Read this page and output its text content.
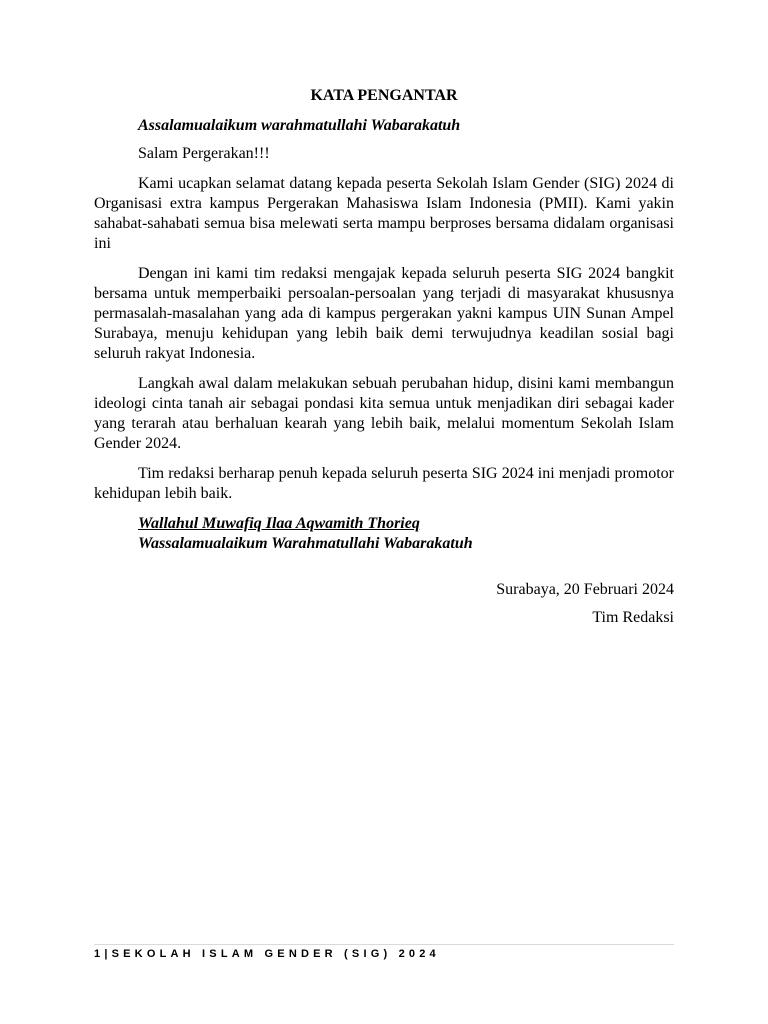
KATA PENGANTAR

Assalamualaikum warahmatullahi Wabarakatuh

Salam Pergerakan!!!

Kami ucapkan selamat datang kepada peserta Sekolah Islam Gender (SIG) 2024 di Organisasi extra kampus Pergerakan Mahasiswa Islam Indonesia (PMII). Kami yakin sahabat-sahabati semua bisa melewati serta mampu berproses bersama didalam organisasi ini

Dengan ini kami tim redaksi mengajak kepada seluruh peserta SIG 2024 bangkit bersama untuk memperbaiki persoalan-persoalan yang terjadi di masyarakat khususnya permasalah-masalahan yang ada di kampus pergerakan yakni kampus UIN Sunan Ampel Surabaya, menuju kehidupan yang lebih baik demi terwujudnya keadilan sosial bagi seluruh rakyat Indonesia.

Langkah awal dalam melakukan sebuah perubahan hidup, disini kami membangun ideologi cinta tanah air sebagai pondasi kita semua untuk menjadikan diri sebagai kader yang terarah atau berhaluan kearah yang lebih baik, melalui momentum Sekolah Islam Gender 2024.

Tim redaksi berharap penuh kepada seluruh peserta SIG 2024 ini menjadi promotor kehidupan lebih baik.

Wallahul Muwafiq Ilaa Aqwamith Thorieq

Wassalamualaikum Warahmatullahi Wabarakatuh

Surabaya, 20 Februari 2024

Tim Redaksi

1|SEKOLAH ISLAM GENDER (SIG) 2024
